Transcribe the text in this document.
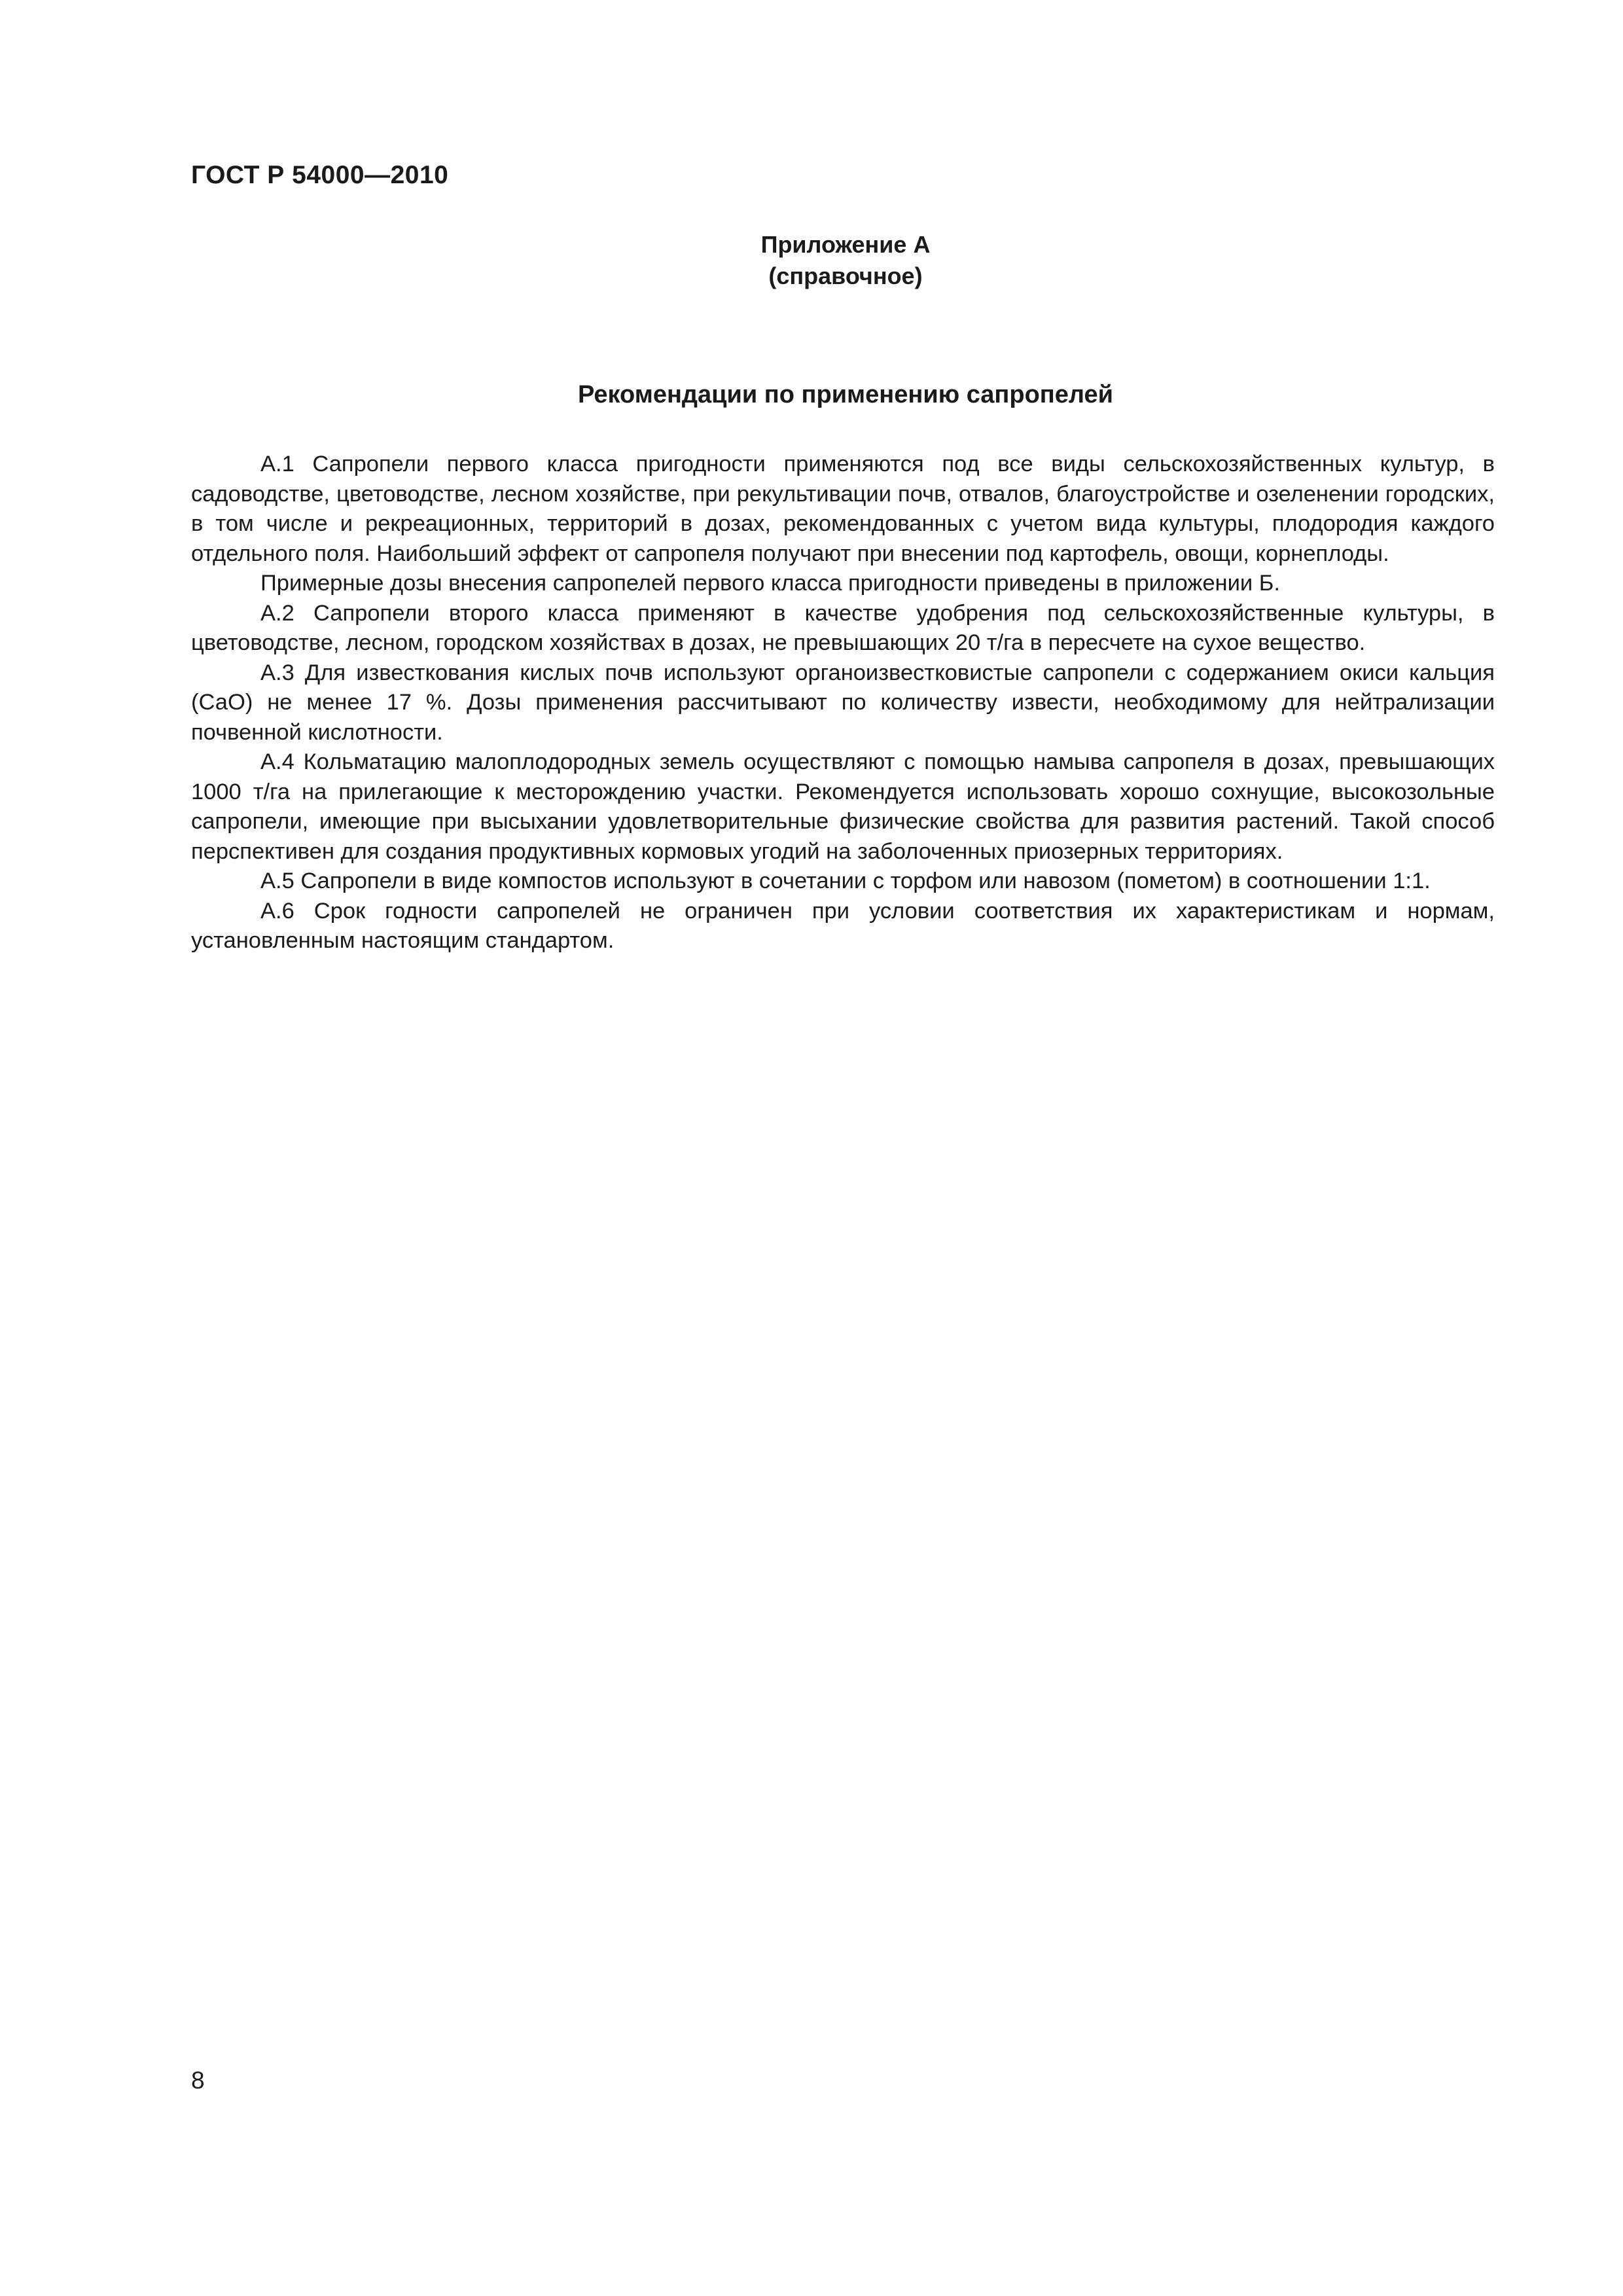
ГОСТ Р 54000—2010
Приложение А
(справочное)
Рекомендации по применению сапропелей

А.1 Сапропели первого класса пригодности применяются под все виды сельскохозяйственных культур, в садоводстве, цветоводстве, лесном хозяйстве, при рекультивации почв, отвалов, благоустройстве и озеленении городских, в том числе и рекреационных, территорий в дозах, рекомендованных с учетом вида культуры, плодородия каждого отдельного поля. Наибольший эффект от сапропеля получают при внесении под картофель, овощи, корнеплоды.

Примерные дозы внесения сапропелей первого класса пригодности приведены в приложении Б.

А.2 Сапропели второго класса применяют в качестве удобрения под сельскохозяйственные культуры, в цветоводстве, лесном, городском хозяйствах в дозах, не превышающих 20 т/га в пересчете на сухое вещество.

А.3 Для известкования кислых почв используют органоизвестковистые сапропели с содержанием окиси кальция (СаО) не менее 17 %. Дозы применения рассчитывают по количеству извести, необходимому для нейтрализации почвенной кислотности.

А.4 Кольматацию малоплодородных земель осуществляют с помощью намыва сапропеля в дозах, превышающих 1000 т/га на прилегающие к месторождению участки. Рекомендуется использовать хорошо сохнущие, высокозольные сапропели, имеющие при высыхании удовлетворительные физические свойства для развития растений. Такой способ перспективен для создания продуктивных кормовых угодий на заболоченных приозерных территориях.

А.5 Сапропели в виде компостов используют в сочетании с торфом или навозом (пометом) в соотношении 1:1.

А.6 Срок годности сапропелей не ограничен при условии соответствия их характеристикам и нормам, установленным настоящим стандартом.

8
